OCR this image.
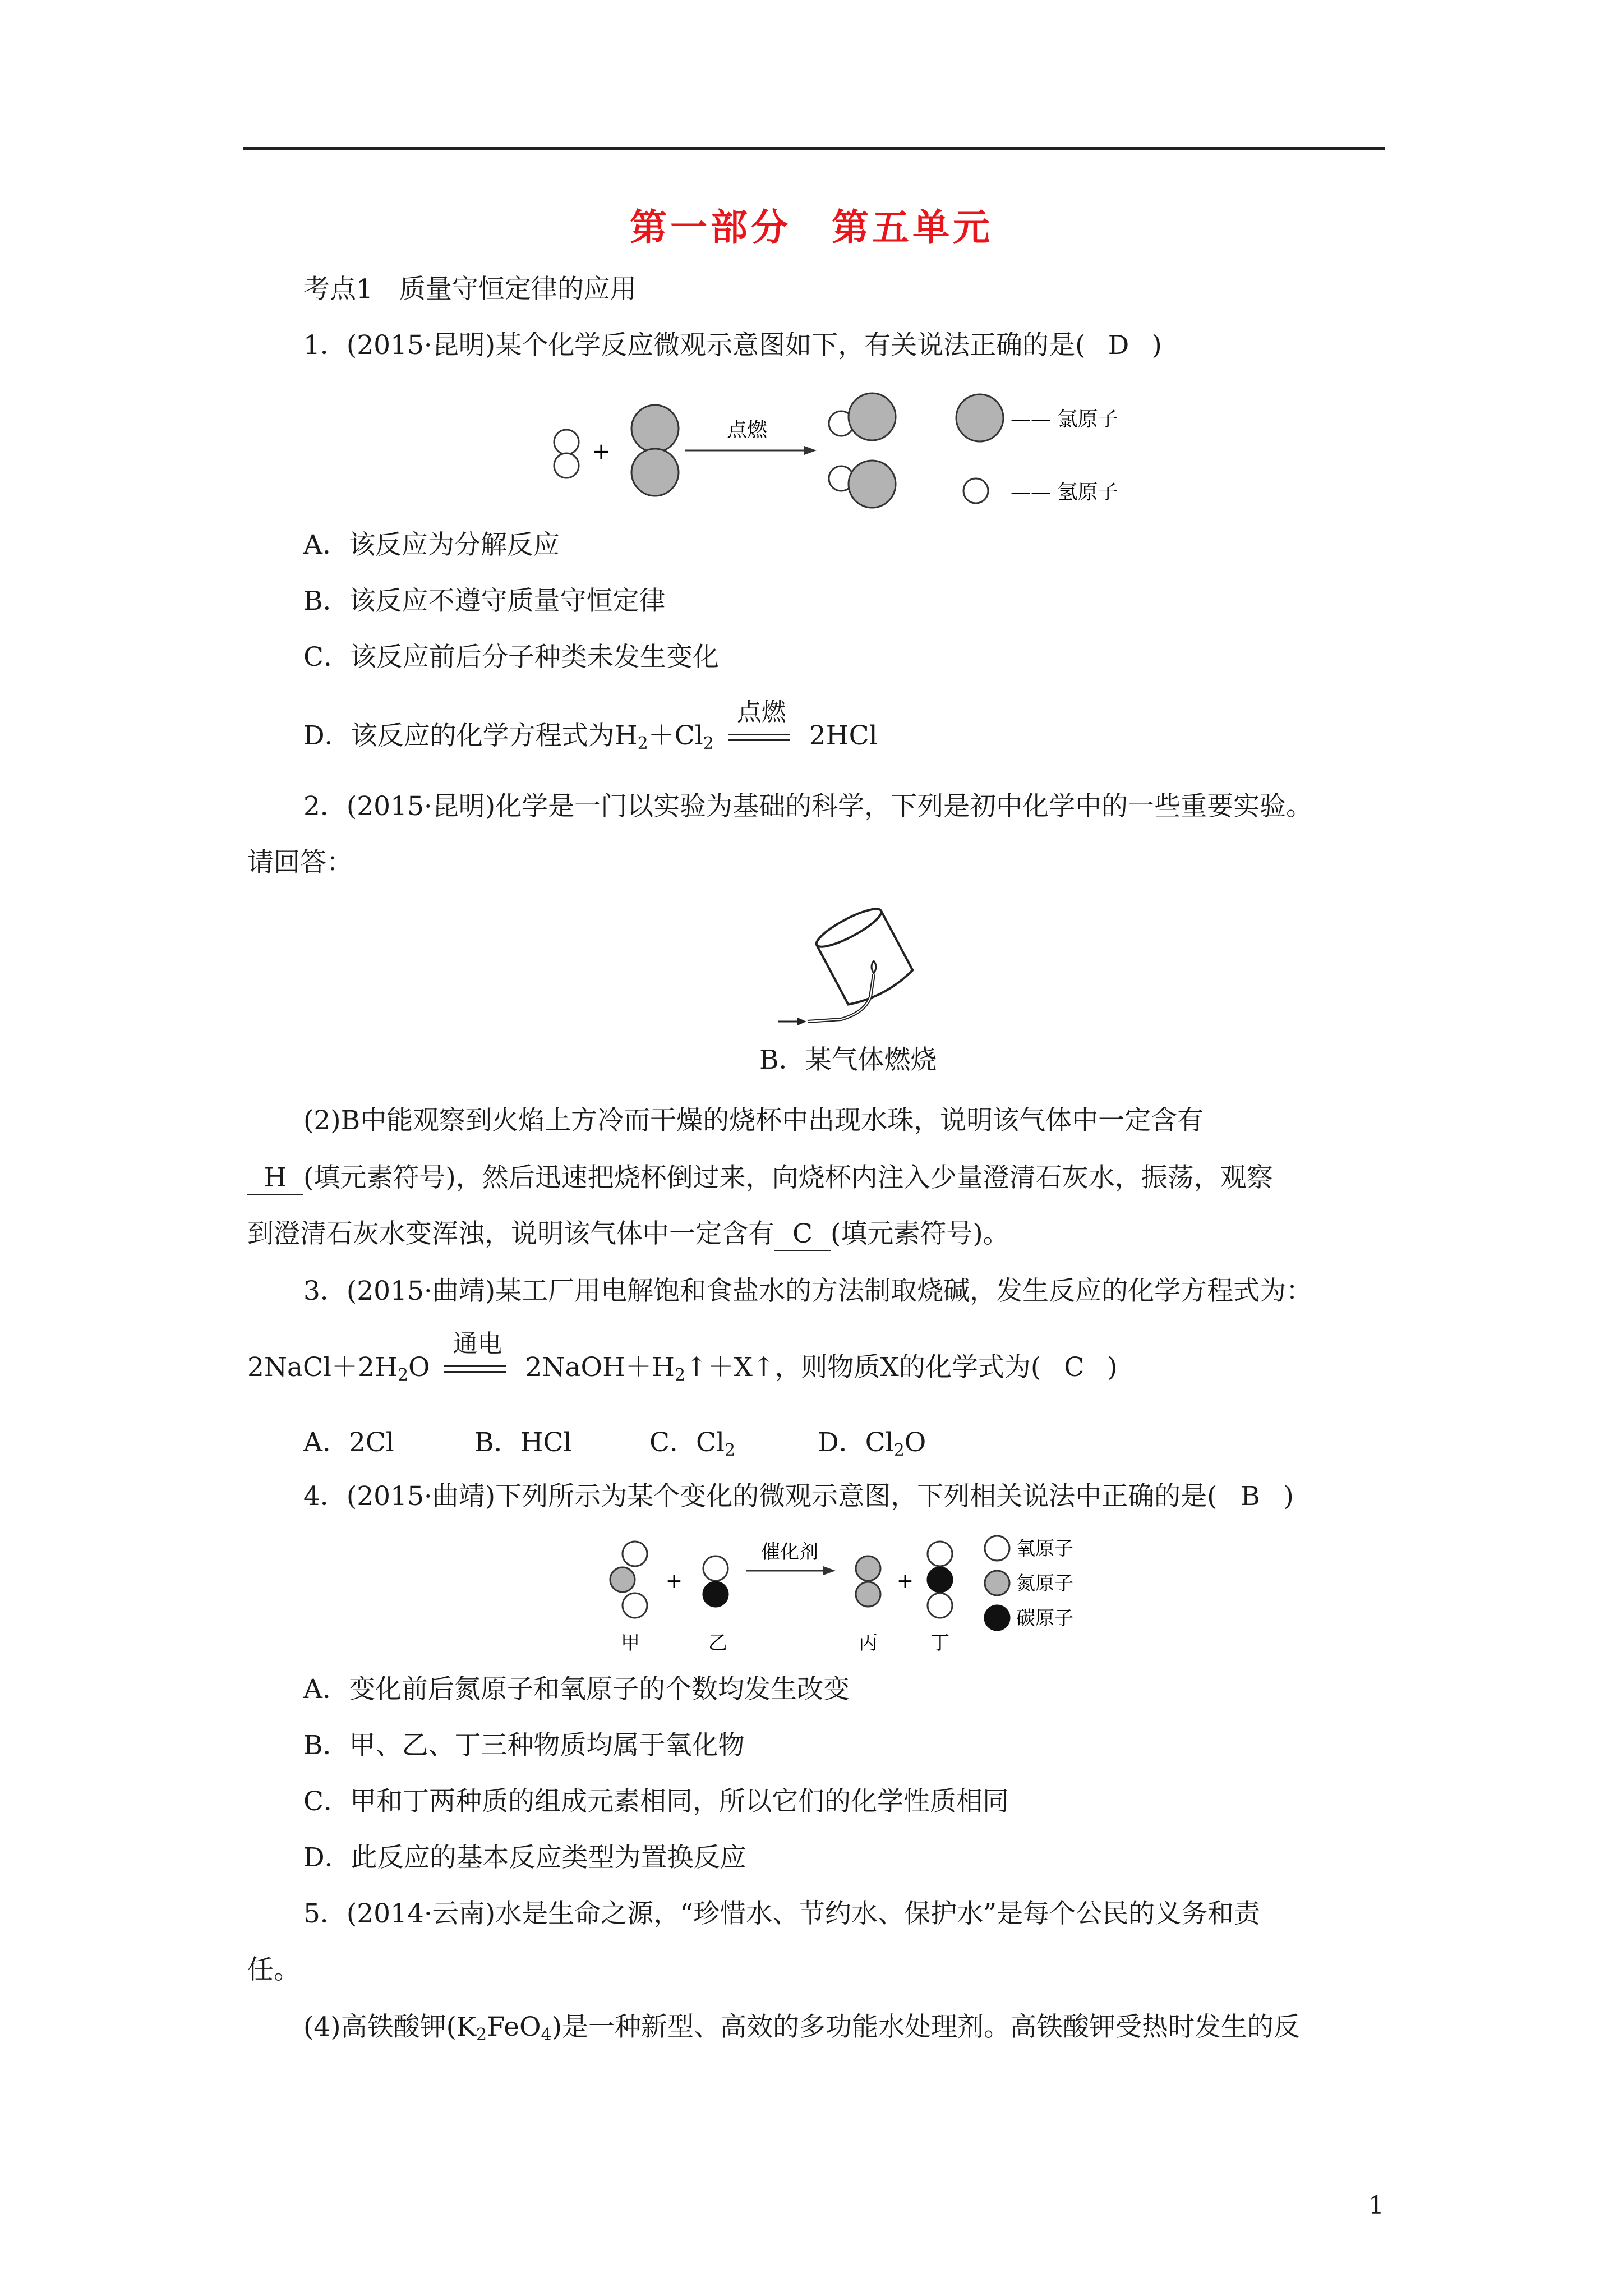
第一部分　第五单元
考点1　质量守恒定律的应用
1．(2015·昆明)某个化学反应微观示意图如下，有关说法正确的是( D )
+
点燃	—— 氯原子
—— 氢原子
A．该反应为分解反应
B．该反应不遵守质量守恒定律
C．该反应前后分子种类未发生变化
D．该反应的化学方程式为$H_2+Cl_2$
点燃
2HCl
2．(2015·昆明)化学是一门以实验为基础的科学，下列是初中化学中的一些重要实验。
请回答：
B．某气体燃烧
(2)B中能观察到火焰上方冷而干燥的烧杯中出现水珠，说明该气体中一定含有
H (填元素符号)，然后迅速把烧杯倒过来，向烧杯内注入少量澄清石灰水，振荡，观察
到澄清石灰水变浑浊，说明该气体中一定含有 C (填元素符号)。
3．(2015·曲靖)某工厂用电解饱和食盐水的方法制取烧碱，发生反应的化学方程式为：
$2NaCl+2H_2O$
通电
$2NaOH+H_2↑+X↑$，则物质X的化学式为( C )
A．2Cl	B．HCl	C．$Cl_2$	D．$Cl_2O$
4．(2015·曲靖)下列所示为某个变化的微观示意图，下列相关说法中正确的是( B )
+
催化剂
+
甲	乙	丙	丁
氧原子
氮原子
碳原子
A．变化前后氮原子和氧原子的个数均发生改变
B．甲、乙、丁三种物质均属于氧化物
C．甲和丁两种质的组成元素相同，所以它们的化学性质相同
D．此反应的基本反应类型为置换反应
5．(2014·云南)水是生命之源，“珍惜水、节约水、保护水”是每个公民的义务和责
任。
(4)高铁酸钾$(K_2FeO_4)$是一种新型、高效的多功能水处理剂。高铁酸钾受热时发生的反
1
